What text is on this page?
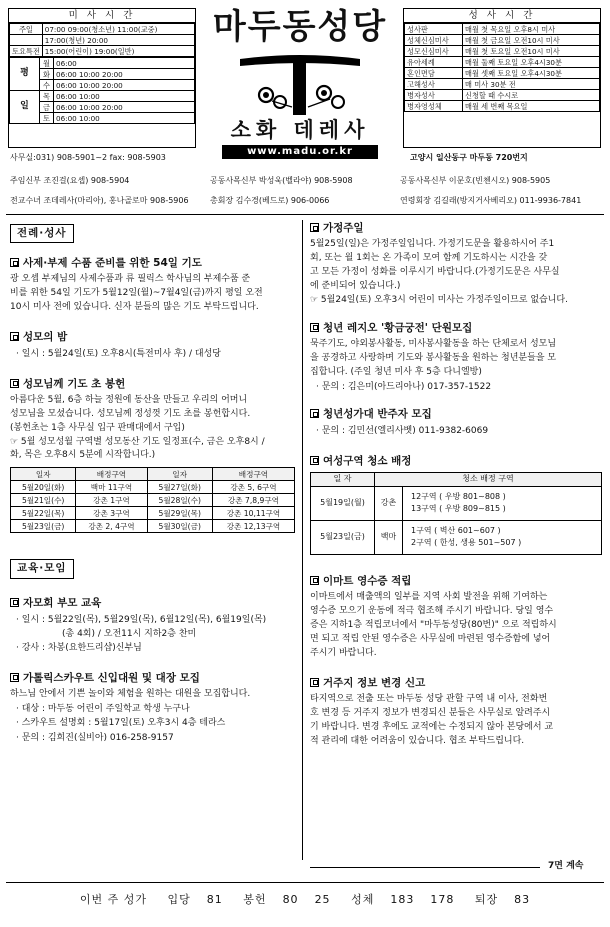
미 사 시 간
주일	07:00 09:00(청소년) 11:00(교중)
	17:00(청년) 20:00
토요특전	15:00(어린이) 19:00(일반)
평	월	06:00
	화	06:00 10:00 20:00
	수	06:00 10:00 20:00
일	목	06:00 10:00
	금	06:00 10:00 20:00
	토	06:00 10:00
사무실:031) 908-5901~2 fax: 908-5903
마두동성당
소화 데레사
www.madu.or.kr
성 사 시 간
성사판	매월 첫 목요일 오후8시 미사
성체신심미사	매월 첫 금요일 오전10시 미사
성모신심미사	매월 첫 토요일 오전10시 미사
유아세례	매월 둘째 토요일 오후4시30분
혼인면담	매월 셋째 토요일 오후4시30분
고해성사	매 미사 30분 전
병자성사	신청할 때 수시로
병자영성체	매월 세 번째 목요일
고양시 일산동구 마두동 720번지
주임신부 조진걸(요셉) 908-5904	공동사목신부 박성욱(벨라야) 908-5908	공동사목신부 이문호(빈첸시오) 908-5905
전교수녀 조데레사(마리아), 홍나골로마 908-5906	총회장 김수경(베드로) 906-0066	연령회장 김길래(방지거사베리오) 011-9936-7841
전례·성사
사제·부제 수품 준비를 위한 54일 기도
광 오셉 부제님의 사제수품과 류 필릭스 학사님의 부제수품 준
비를 위한 54일 기도가 5월12일(월)~7월4일(금)까지 평일 오전
10시 미사 전에 있습니다. 신자 분들의 많은 기도 부탁드립니다.
성모의 밤
· 일시 : 5월24일(토) 오후8시(특전미사 후) / 대성당
성모님께 기도 초 봉헌
아름다운 5월, 6층 하늘 정원에 동산을 만들고 우리의 어머니
성모님을 모셨습니다. 성모님께 정성껏 기도 초를 봉헌합시다.
(봉헌초는 1층 사무실 입구 판매대에서 구입)
☞ 5월 성모성월 구역별 성모동산 기도 일정표(수, 금은 오후8시 /
화, 목은 오후8시 5분에 시작합니다.)
일자	배정구역	일자	배정구역
5월20일(화)	백마 11구역	5월27일(화)	강촌 5, 6구역
5월21일(수)	강촌 1구역	5월28일(수)	강촌 7,8,9구역
5월22일(목)	강촌 3구역	5월29일(목)	강촌 10,11구역
5월23일(금)	강촌 2, 4구역	5월30일(금)	강촌 12,13구역
교육·모임
자모회 부모 교육
· 일시 : 5월22일(목), 5월29일(목), 6월12일(목), 6월19일(목)
(총 4회) / 오전11시 지하2층 찬미
· 강사 : 차봉(요한드리샵)신부님
가톨릭스카우트 신입대원 및 대장 모집
하느님 안에서 기쁜 놀이와 체험을 원하는 대원을 모집합니다.
· 대상 : 마두동 어린이 주일학교 학생 누구나
· 스카우트 설명회 : 5월17일(토) 오후3시 4층 테라스
· 문의 : 김희진(실비아) 016-258-9157
가정주일
5월25일(일)은 가정주일입니다. 가정기도문을 활용하시어 주1
회, 또는 월 1회는 온 가족이 모여 함께 기도하시는 시간을 갖
고 모든 가정이 성화를 이루시기 바랍니다.(가정기도문은 사무실
에 준비되어 있습니다.)
☞ 5월24일(토) 오후3시 어린이 미사는 가정주일이므로 없습니다.
청년 레지오 '황금궁전' 단원모집
묵주기도, 야외봉사활동, 미사봉사활동을 하는 단체로서 성모님
을 공경하고 사랑하며 기도와 봉사활동을 원하는 청년분들을 모
집합니다. (주일 청년 미사 후 5층 다니엘방)
· 문의 : 김은미(아드리아나) 017-357-1522
청년성가대 반주자 모집
· 문의 : 김민선(엘리사벳) 011-9382-6069
여성구역 청소 배정
일 자	청소 배정 구역	
5월19일(월)	강촌	12구역 ( 우방 801~808 )
13구역 ( 우방 809~815 )

5월23일(금)	백마	1구역 ( 벽산 601~607 )
2구역 ( 한성, 생용 501~507 )
이마트 영수증 적립
이마트에서 매출액의 일부를 지역 사회 발전을 위해 기여하는
영수증 모으기 운동에 적극 협조해 주시기 바랍니다. 당일 영수
증은 지하1층 적립코너에서 "마두동성당(80번)" 으로 적립하시
면 되고 적립 안된 영수증은 사무실에 마련된 영수증함에 넣어
주시기 바랍니다.
거주지 정보 변경 신고
타지역으로 전출 또는 마두동 성당 관할 구역 내 이사, 전화번
호 변경 등 거주지 정보가 변경되신 분들은 사무실로 알려주시
기 바랍니다. 변경 후에도 교적에는 수정되지 않아 본당에서 교
적 관리에 대한 어려움이 있습니다. 협조 부탁드립니다.
7면 계속
이번 주 성가 입당 81 봉헌 80 25 성체 183 178 퇴장 83
